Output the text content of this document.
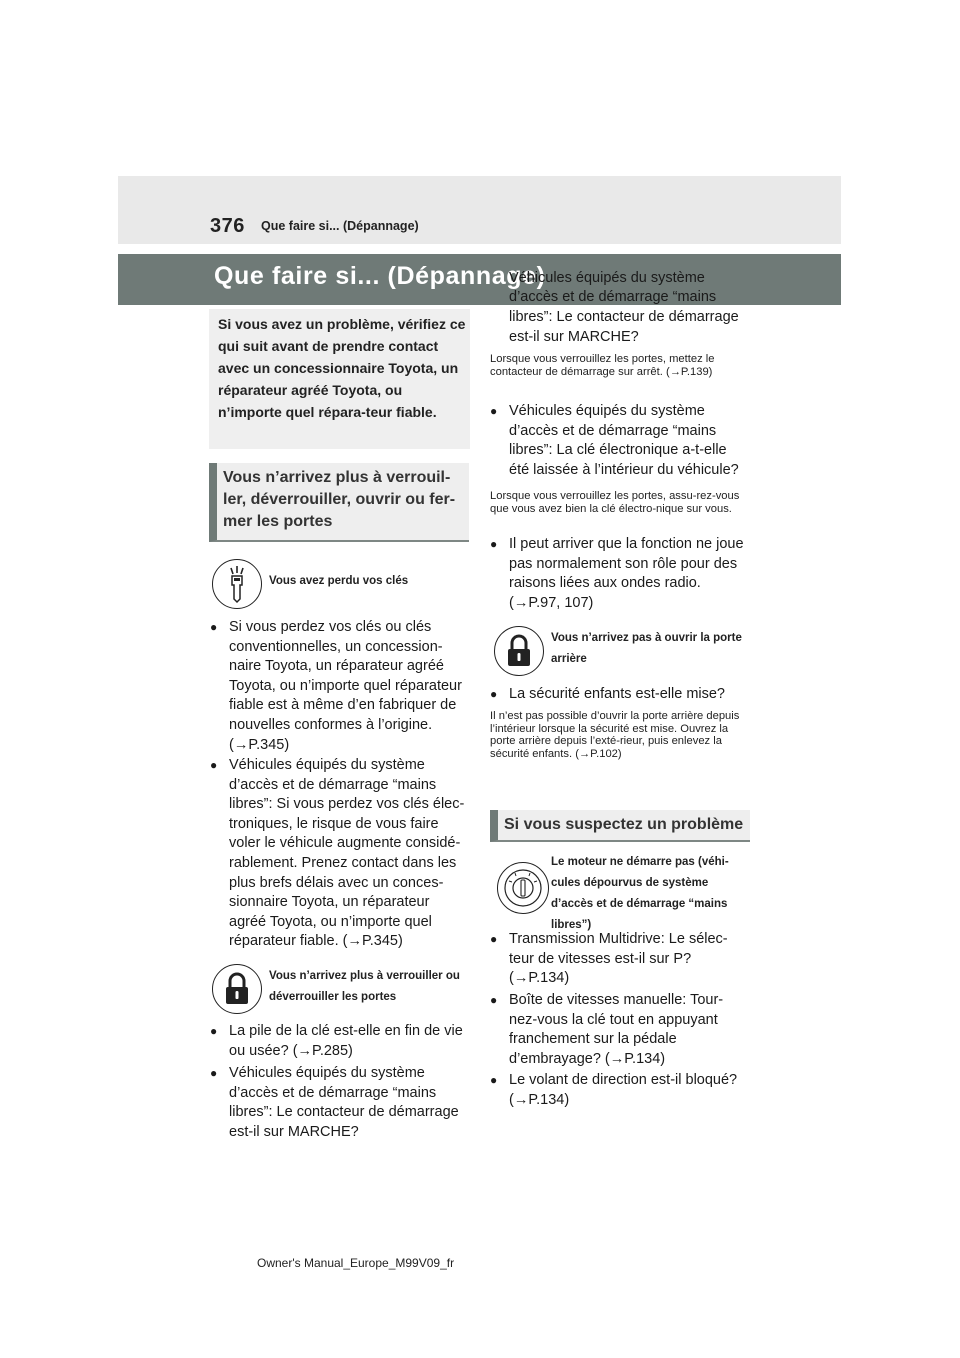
376 Que faire si... (Dépannage)
Que faire si... (Dépannage)
Si vous avez un problème, vérifiez ce qui suit avant de prendre contact avec un concessionnaire Toyota, un réparateur agréé Toyota, ou n’importe quel répara-teur fiable.
Vous n’arrivez plus à verrouil-ler, déverrouiller, ouvrir ou fer-mer les portes
Vous avez perdu vos clés
● Si vous perdez vos clés ou clés conventionnelles, un concession-naire Toyota, un réparateur agréé Toyota, ou n’importe quel réparateur fiable est à même d’en fabriquer de nouvelles conformes à l’origine. (→P.345)
● Véhicules équipés du système d’accès et de démarrage “mains libres”: Si vous perdez vos clés élec-troniques, le risque de vous faire voler le véhicule augmente considé-rablement. Prenez contact dans les plus brefs délais avec un conces-sionnaire Toyota, un réparateur agréé Toyota, ou n’importe quel réparateur fiable. (→P.345)
Vous n’arrivez plus à verrouiller ou déverrouiller les portes
● La pile de la clé est-elle en fin de vie ou usée? (→P.285)
● Véhicules équipés du système d’accès et de démarrage “mains libres”: Le contacteur de démarrage est-il sur MARCHE?
Véhicules équipés du système d’accès et de démarrage “mains libres”: Le contacteur de démarrage est-il sur MARCHE?
Lorsque vous verrouillez les portes, mettez le contacteur de démarrage sur arrêt. (→P.139)
● Véhicules équipés du système d’accès et de démarrage “mains libres”: La clé électronique a-t-elle été laissée à l’intérieur du véhicule?
Lorsque vous verrouillez les portes, assu-rez-vous que vous avez bien la clé électro-nique sur vous.
● Il peut arriver que la fonction ne joue pas normalement son rôle pour des raisons liées aux ondes radio. (→P.97, 107)
Vous n’arrivez pas à ouvrir la porte arrière
● La sécurité enfants est-elle mise?
Il n’est pas possible d’ouvrir la porte arrière depuis l’intérieur lorsque la sécurité est mise. Ouvrez la porte arrière depuis l’exté-rieur, puis enlevez la sécurité enfants. (→P.102)
Si vous suspectez un problème
Le moteur ne démarre pas (véhi-cules dépourvus de système d’accès et de démarrage “mains libres”)
● Transmission Multidrive: Le sélec-teur de vitesses est-il sur P? (→P.134)
● Boîte de vitesses manuelle: Tour-nez-vous la clé tout en appuyant franchement sur la pédale d’embrayage? (→P.134)
● Le volant de direction est-il bloqué? (→P.134)
Owner's Manual_Europe_M99V09_fr
